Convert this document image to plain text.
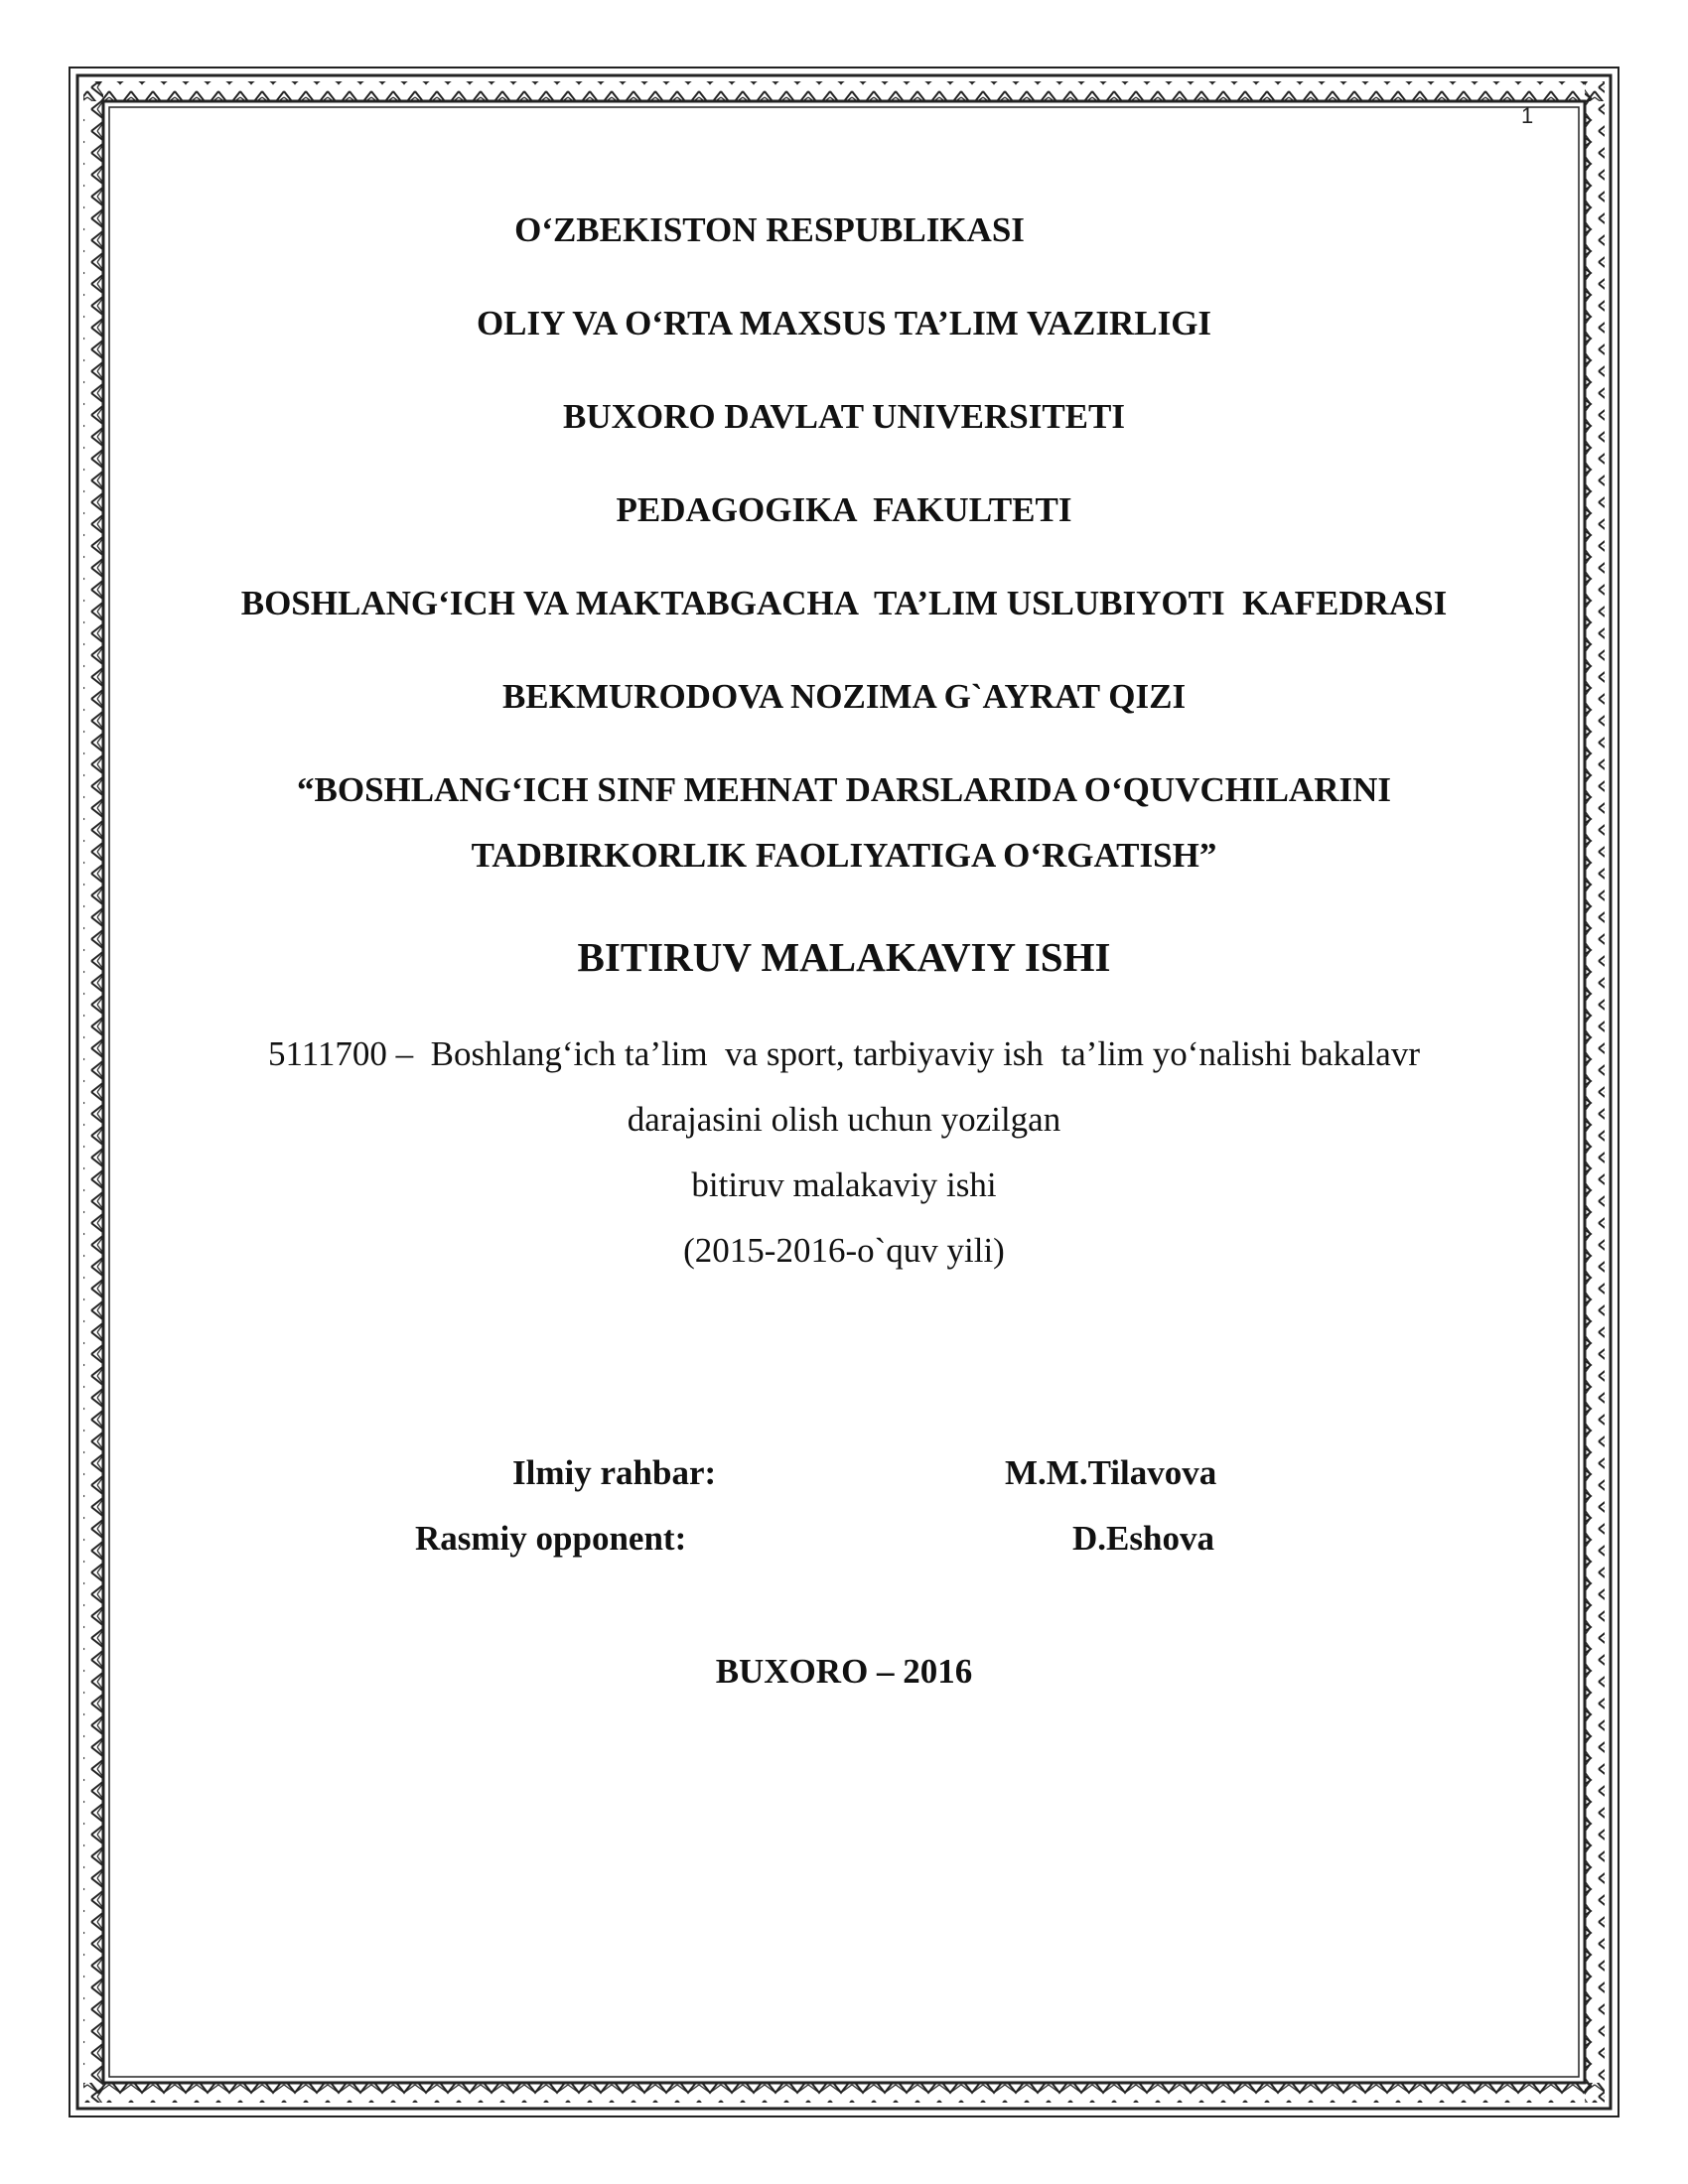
1
O‘ZBEKISTON RESPUBLIKASI
OLIY VA O‘RTA MAXSUS TA’LIM VAZIRLIGI
BUXORO DAVLAT UNIVERSITETI
PEDAGOGIKA  FAKULTETI
BOSHLANG‘ICH VA MAKTABGACHA  TA’LIM USLUBIYOTI  KAFEDRASI
BEKMURODOVA NOZIMA G`AYRAT QIZI
“BOSHLANG‘ICH SINF MEHNAT DARSLARIDA O‘QUVCHILARINI
TADBIRKORLIK FAOLIYATIGA O‘RGATISH”
BITIRUV MALAKAVIY ISHI
5111700 –  Boshlang‘ich ta’lim  va sport, tarbiyaviy ish  ta’lim yo‘nalishi bakalavr
darajasini olish uchun yozilgan
bitiruv malakaviy ishi
(2015-2016-o`quv yili)
Ilmiy rahbar:	M.M.Tilavova
Rasmiy opponent:	D.Eshova
BUXORO – 2016
